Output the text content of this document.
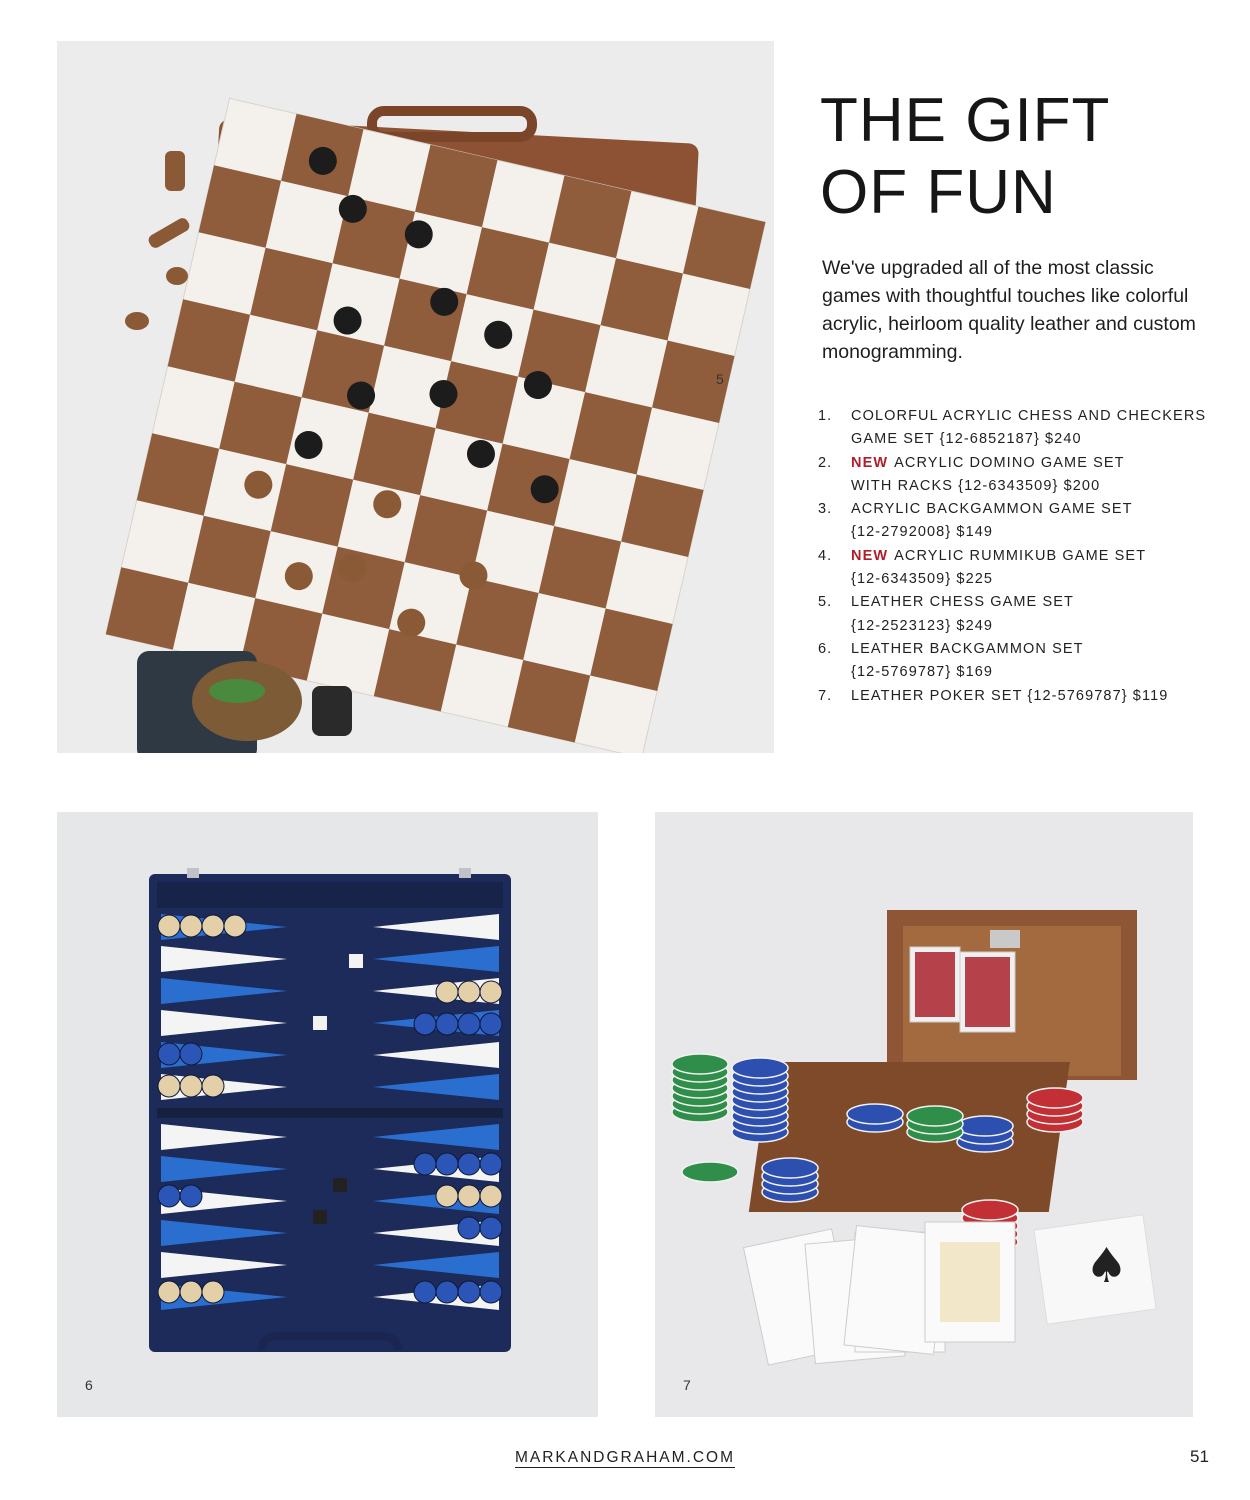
5
6
♠
7
THE GIFT
OF FUN

We've upgraded all of the most classic games with thoughtful touches like colorful acrylic, heirloom quality leather and custom monogramming.

1.	COLORFUL ACRYLIC CHESS AND CHECKERS
GAME SET {12-6852187} $240
2.	NEW ACRYLIC DOMINO GAME SET
WITH RACKS {12-6343509} $200
3.	ACRYLIC BACKGAMMON GAME SET
{12-2792008} $149
4.	NEW ACRYLIC RUMMIKUB GAME SET
{12-6343509} $225
5.	LEATHER CHESS GAME SET
{12-2523123} $249
6.	LEATHER BACKGAMMON SET
{12-5769787} $169
7.	LEATHER POKER SET {12-5769787} $119
MARKANDGRAHAM.COM	51
